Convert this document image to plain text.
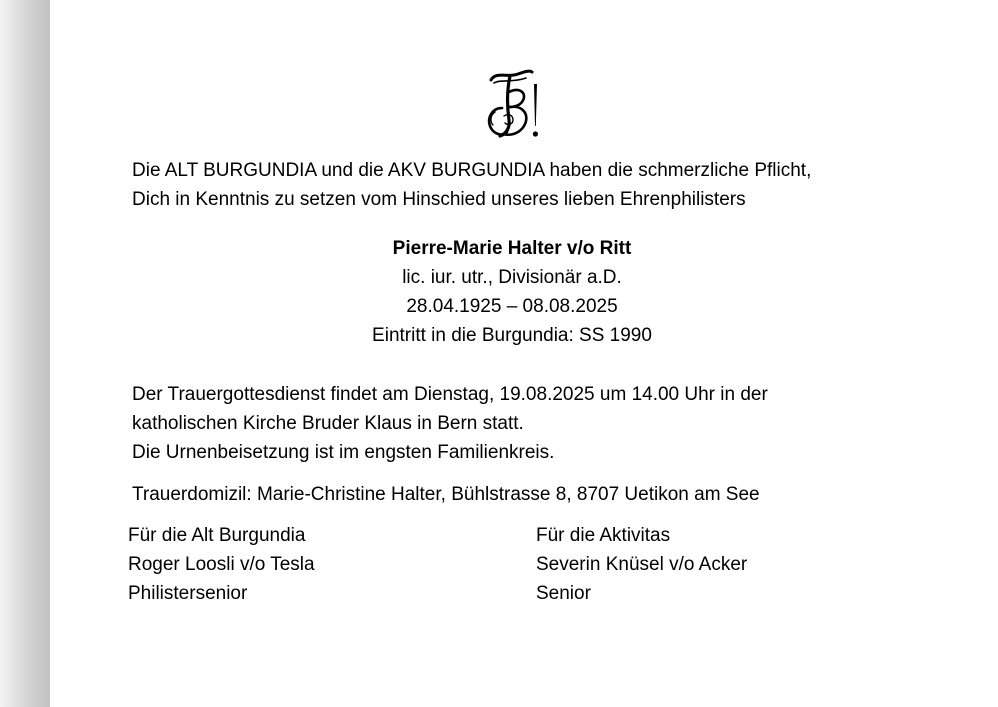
Die ALT BURGUNDIA und die AKV BURGUNDIA haben die schmerzliche Pflicht,
Dich in Kenntnis zu setzen vom Hinschied unseres lieben Ehrenphilisters
Pierre-Marie Halter v/o Ritt
lic. iur. utr., Divisionär a.D.
28.04.1925 – 08.08.2025
Eintritt in die Burgundia: SS 1990
Der Trauergottesdienst findet am Dienstag, 19.08.2025 um 14.00 Uhr in der
katholischen Kirche Bruder Klaus in Bern statt.
Die Urnenbeisetzung ist im engsten Familienkreis.
Trauerdomizil: Marie-Christine Halter, Bühlstrasse 8, 8707 Uetikon am See
Für die Alt Burgundia
Roger Loosli v/o Tesla
Philistersenior
Für die Aktivitas
Severin Knüsel v/o Acker
Senior
